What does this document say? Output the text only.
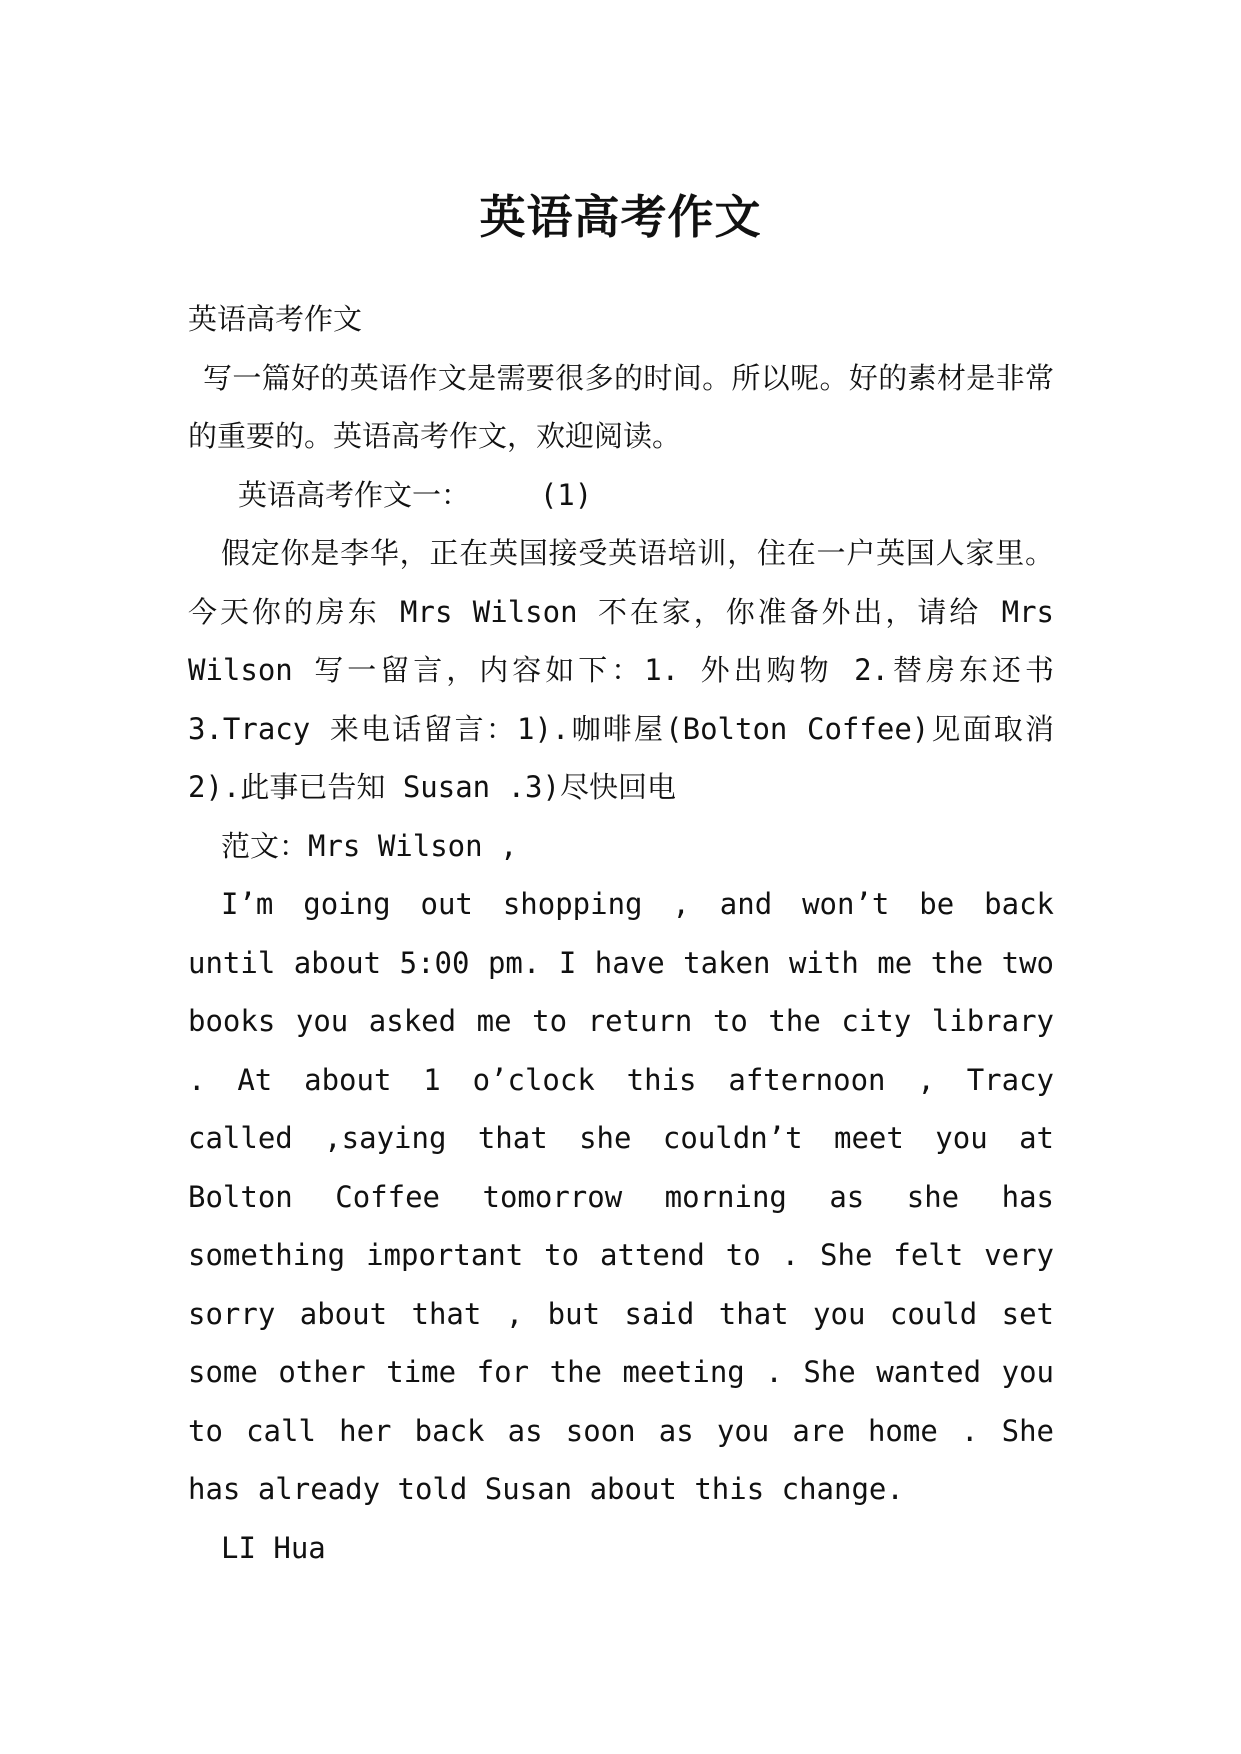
英语高考作文

英语高考作文

写一篇好的英语作文是需要很多的时间。所以呢。好的素材是非常的重要的。英语高考作文，欢迎阅读。

英语高考作文一：    (1)

假定你是李华，正在英国接受英语培训，住在一户英国人家里。今天你的房东 Mrs Wilson 不在家，你准备外出，请给 Mrs Wilson 写一留言，内容如下：1. 外出购物 2.替房东还书 3.Tracy 来电话留言：1).咖啡屋(Bolton Coffee)见面取消 2).此事已告知 Susan .3)尽快回电

范文：Mrs Wilson ,

I’m going out shopping , and won’t be back until about 5:00 pm. I have taken with me the two books you asked me to return to the city library . At about 1 o’clock this afternoon , Tracy called ,saying that she couldn’t meet you at Bolton Coffee tomorrow morning as she has something important to attend to . She felt very sorry about that , but said that you could set some other time for the meeting . She wanted you to call her back as soon as you are home . She has already told Susan about this change.

LI Hua
